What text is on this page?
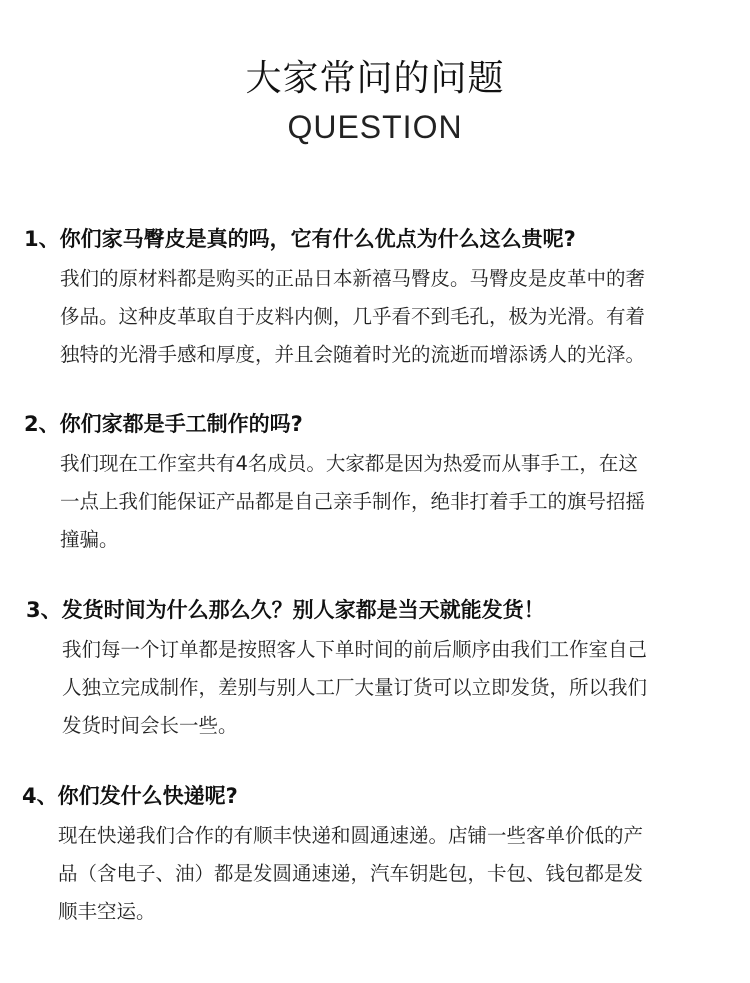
大家常问的问题
QUESTION
1、你们家马臀皮是真的吗，它有什么优点为什么这么贵呢?
我们的原材料都是购买的正品日本新禧马臀皮。马臀皮是皮革中的奢
侈品。这种皮革取自于皮料内侧，几乎看不到毛孔，极为光滑。有着
独特的光滑手感和厚度，并且会随着时光的流逝而增添诱人的光泽。
2、你们家都是手工制作的吗?
我们现在工作室共有4名成员。大家都是因为热爱而从事手工，在这
一点上我们能保证产品都是自己亲手制作，绝非打着手工的旗号招摇
撞骗。
3、发货时间为什么那么久？别人家都是当天就能发货！
我们每一个订单都是按照客人下单时间的前后顺序由我们工作室自己
人独立完成制作，差别与别人工厂大量订货可以立即发货，所以我们
发货时间会长一些。
4、你们发什么快递呢?
现在快递我们合作的有顺丰快递和圆通速递。店铺一些客单价低的产
品（含电子、油）都是发圆通速递，汽车钥匙包，卡包、钱包都是发
顺丰空运。
